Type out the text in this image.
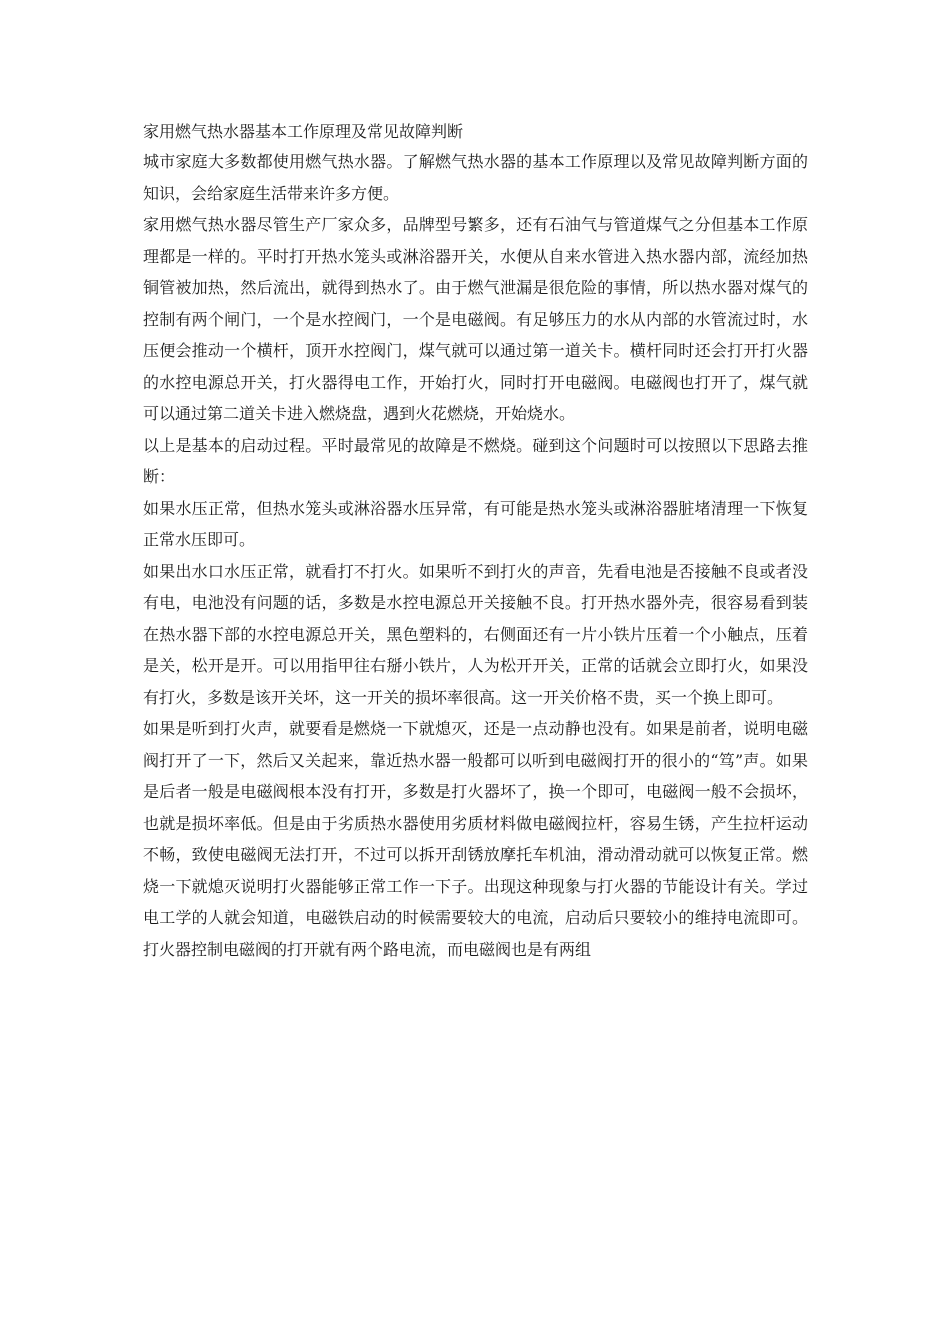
家用燃气热水器基本工作原理及常见故障判断

城市家庭大多数都使用燃气热水器。了解燃气热水器的基本工作原理以及常见故障判断方面的知识，会给家庭生活带来许多方便。

家用燃气热水器尽管生产厂家众多，品牌型号繁多，还有石油气与管道煤气之分但基本工作原理都是一样的。平时打开热水笼头或淋浴器开关，水便从自来水管进入热水器内部，流经加热铜管被加热，然后流出，就得到热水了。由于燃气泄漏是很危险的事情，所以热水器对煤气的控制有两个闸门，一个是水控阀门，一个是电磁阀。有足够压力的水从内部的水管流过时，水压便会推动一个横杆，顶开水控阀门，煤气就可以通过第一道关卡。横杆同时还会打开打火器的水控电源总开关，打火器得电工作，开始打火，同时打开电磁阀。电磁阀也打开了，煤气就可以通过第二道关卡进入燃烧盘，遇到火花燃烧，开始烧水。

以上是基本的启动过程。平时最常见的故障是不燃烧。碰到这个问题时可以按照以下思路去推断：

如果水压正常，但热水笼头或淋浴器水压异常，有可能是热水笼头或淋浴器脏堵清理一下恢复正常水压即可。

如果出水口水压正常，就看打不打火。如果听不到打火的声音，先看电池是否接触不良或者没有电，电池没有问题的话，多数是水控电源总开关接触不良。打开热水器外壳，很容易看到装在热水器下部的水控电源总开关，黑色塑料的，右侧面还有一片小铁片压着一个小触点，压着是关，松开是开。可以用指甲往右掰小铁片，人为松开开关，正常的话就会立即打火，如果没有打火，多数是该开关坏，这一开关的损坏率很高。这一开关价格不贵，买一个换上即可。

如果是听到打火声，就要看是燃烧一下就熄灭，还是一点动静也没有。如果是前者，说明电磁阀打开了一下，然后又关起来，靠近热水器一般都可以听到电磁阀打开的很小的“笃”声。如果是后者一般是电磁阀根本没有打开，多数是打火器坏了，换一个即可，电磁阀一般不会损坏，也就是损坏率低。但是由于劣质热水器使用劣质材料做电磁阀拉杆，容易生锈，产生拉杆运动不畅，致使电磁阀无法打开，不过可以拆开刮锈放摩托车机油，滑动滑动就可以恢复正常。燃烧一下就熄灭说明打火器能够正常工作一下子。出现这种现象与打火器的节能设计有关。学过电工学的人就会知道，电磁铁启动的时候需要较大的电流，启动后只要较小的维持电流即可。打火器控制电磁阀的打开就有两个路电流，而电磁阀也是有两组
